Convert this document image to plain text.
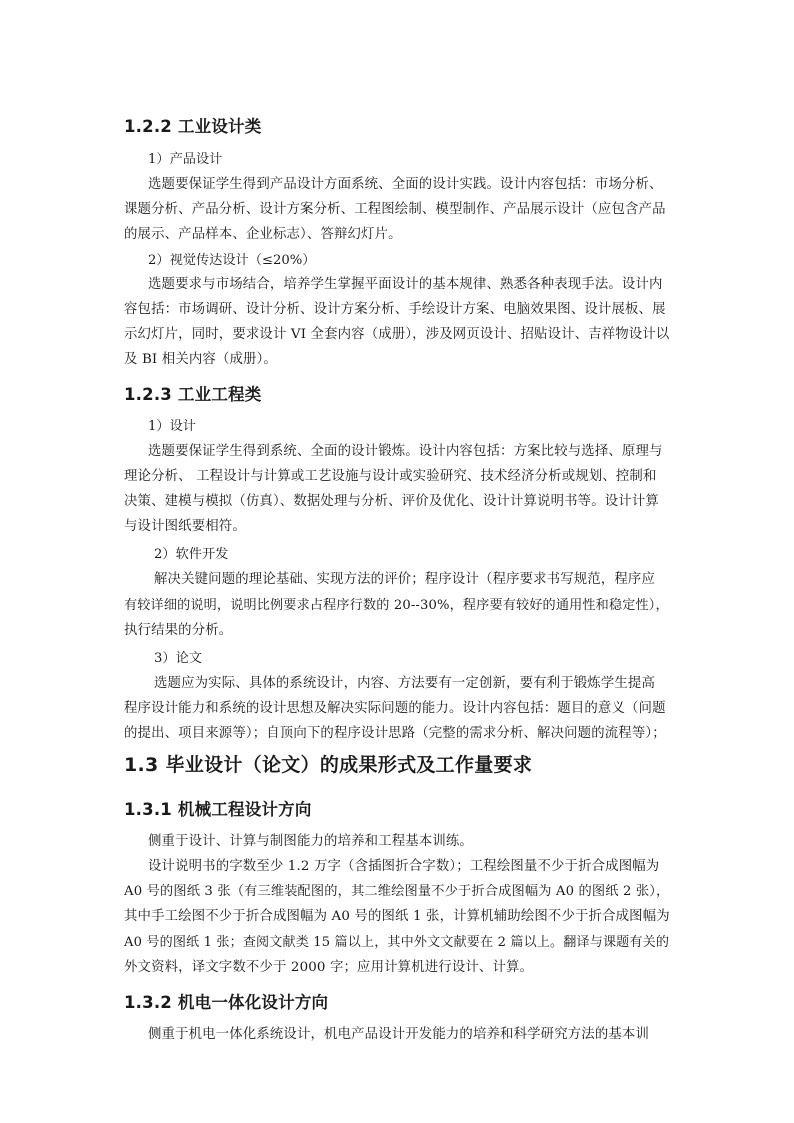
1.2.2 工业设计类
1）产品设计

选题要保证学生得到产品设计方面系统、全面的设计实践。设计内容包括：市场分析、

课题分析、产品分析、设计方案分析、工程图绘制、模型制作、产品展示设计（应包含产品

的展示、产品样本、企业标志）、答辩幻灯片。

2）视觉传达设计（≤20%）

选题要求与市场结合，培养学生掌握平面设计的基本规律、熟悉各种表现手法。设计内

容包括：市场调研、设计分析、设计方案分析、手绘设计方案、电脑效果图、设计展板、展

示幻灯片，同时，要求设计 VI 全套内容（成册），涉及网页设计、招贴设计、吉祥物设计以

及 BI 相关内容（成册）。

1.2.3 工业工程类
1）设计

选题要保证学生得到系统、全面的设计锻炼。设计内容包括：方案比较与选择、原理与

理论分析、 工程设计与计算或工艺设施与设计或实验研究、技术经济分析或规划、控制和

决策、建模与模拟（仿真）、数据处理与分析、评价及优化、设计计算说明书等。设计计算

与设计图纸要相符。

2）软件开发

解决关键问题的理论基础、实现方法的评价；程序设计（程序要求书写规范，程序应

有较详细的说明，说明比例要求占程序行数的 20--30%，程序要有较好的通用性和稳定性），

执行结果的分析。

3）论文

选题应为实际、具体的系统设计，内容、方法要有一定创新，要有利于锻炼学生提高

程序设计能力和系统的设计思想及解决实际问题的能力。设计内容包括：题目的意义（问题

的提出、项目来源等）；自顶向下的程序设计思路（完整的需求分析、解决问题的流程等）；

1.3 毕业设计（论文）的成果形式及工作量要求
1.3.1 机械工程设计方向

侧重于设计、计算与制图能力的培养和工程基本训练。

设计说明书的字数至少 1.2 万字（含插图折合字数）；工程绘图量不少于折合成图幅为

A0 号的图纸 3 张（有三维装配图的，其二维绘图量不少于折合成图幅为 A0 的图纸 2 张），

其中手工绘图不少于折合成图幅为 A0 号的图纸 1 张，计算机辅助绘图不少于折合成图幅为

A0 号的图纸 1 张；查阅文献类 15 篇以上，其中外文文献要在 2 篇以上。翻译与课题有关的

外文资料，译文字数不少于 2000 字；应用计算机进行设计、计算。

1.3.2 机电一体化设计方向

侧重于机电一体化系统设计，机电产品设计开发能力的培养和科学研究方法的基本训
